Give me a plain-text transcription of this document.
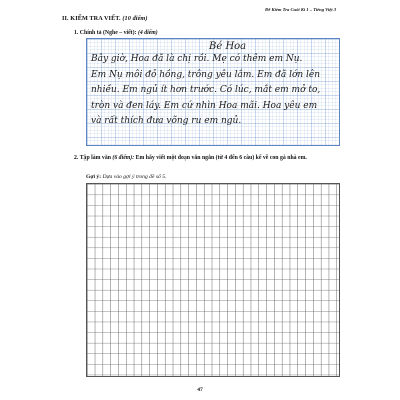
Đề Kiểm Tra Cuối Kì 1 – Tiếng Việt 3
II. KIỂM TRA VIẾT. (10 điểm)
1. Chính tả (Nghe – viết): (4 điểm)
Bé Hoa
Bây giờ, Hoa đã là chị rồi. Mẹ có thêm em Nụ.
Em Nụ môi đỏ hồng, trông yêu lắm. Em đã lớn lên
nhiều. Em ngủ ít hơn trước. Có lúc, mắt em mở to,
tròn và đen láy. Em cứ nhìn Hoa mãi. Hoa yêu em
và rất thích đưa võng ru em ngủ.
2. Tập làm văn (6 điểm): Em hãy viết một đoạn văn ngắn (từ 4 đến 6 câu) kể về con gà nhà em.
Gợi ý: Dựa vào gợi ý trong đề số 5.
47
